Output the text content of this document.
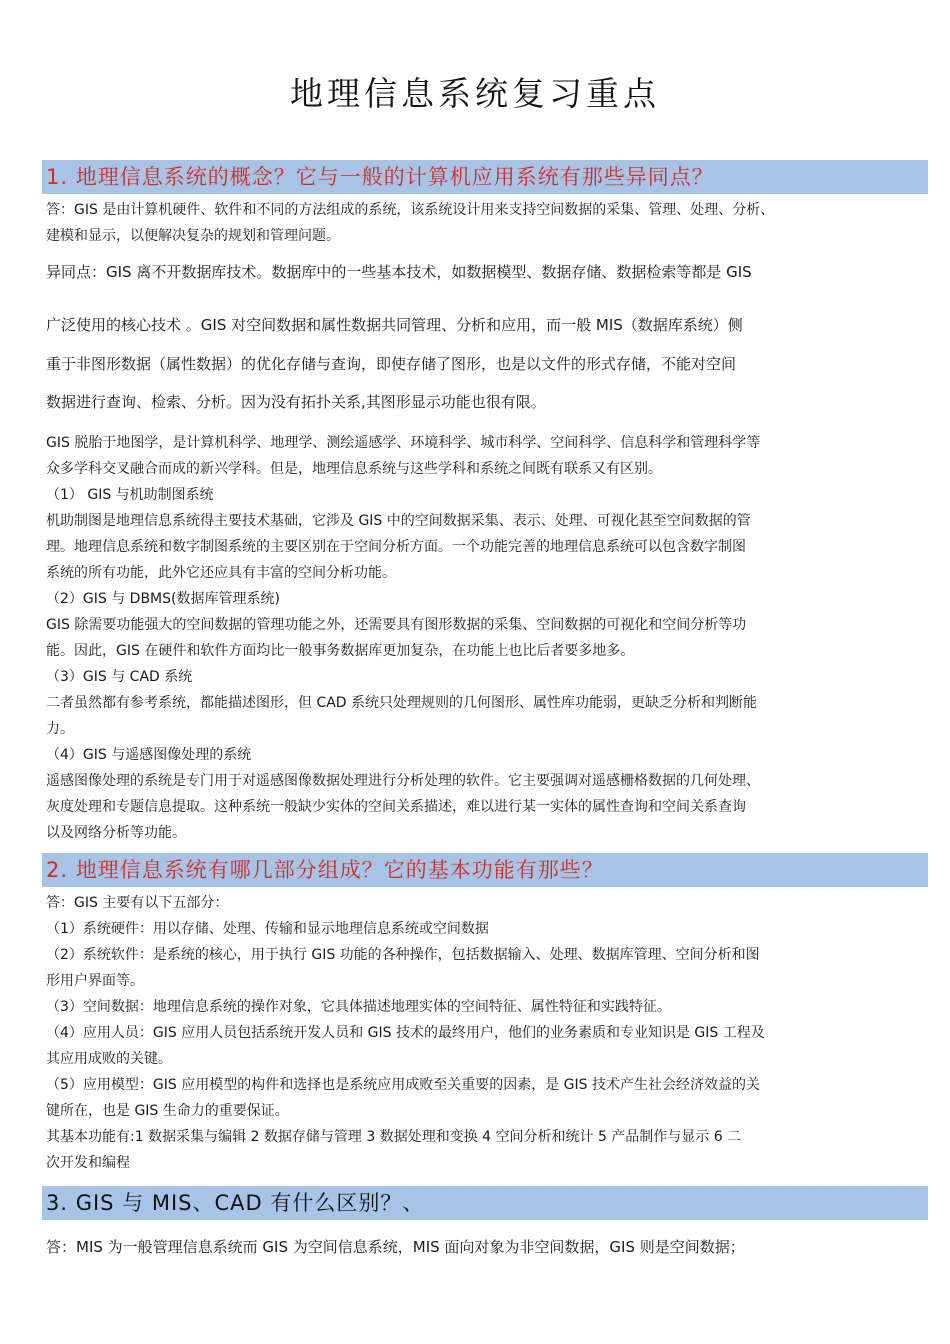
地理信息系统复习重点
1. 地理信息系统的概念？它与一般的计算机应用系统有那些异同点？
答：GIS 是由计算机硬件、软件和不同的方法组成的系统，该系统设计用来支持空间数据的采集、管理、处理、分析、
建模和显示，以便解决复杂的规划和管理问题。
异同点：GIS 离不开数据库技术。数据库中的一些基本技术，如数据模型、数据存储、数据检索等都是 GIS
广泛使用的核心技术 。GIS 对空间数据和属性数据共同管理、分析和应用，而一般 MIS（数据库系统）侧
重于非图形数据（属性数据）的优化存储与查询，即使存储了图形，也是以文件的形式存储，不能对空间
数据进行查询、检索、分析。因为没有拓扑关系,其图形显示功能也很有限。
GIS 脱胎于地图学，是计算机科学、地理学、测绘遥感学、环境科学、城市科学、空间科学、信息科学和管理科学等
众多学科交叉融合而成的新兴学科。但是，地理信息系统与这些学科和系统之间既有联系又有区别。
（1） GIS 与机助制图系统
机助制图是地理信息系统得主要技术基础，它涉及 GIS 中的空间数据采集、表示、处理、可视化甚至空间数据的管
理。地理信息系统和数字制图系统的主要区别在于空间分析方面。一个功能完善的地理信息系统可以包含数字制图
系统的所有功能，此外它还应具有丰富的空间分析功能。
（2）GIS 与 DBMS(数据库管理系统)
GIS 除需要功能强大的空间数据的管理功能之外，还需要具有图形数据的采集、空间数据的可视化和空间分析等功
能。因此，GIS 在硬件和软件方面均比一般事务数据库更加复杂，在功能上也比后者要多地多。
（3）GIS 与 CAD 系统
二者虽然都有参考系统，都能描述图形，但 CAD 系统只处理规则的几何图形、属性库功能弱，更缺乏分析和判断能
力。
（4）GIS 与遥感图像处理的系统
遥感图像处理的系统是专门用于对遥感图像数据处理进行分析处理的软件。它主要强调对遥感栅格数据的几何处理、
灰度处理和专题信息提取。这种系统一般缺少实体的空间关系描述，难以进行某一实体的属性查询和空间关系查询
以及网络分析等功能。
2. 地理信息系统有哪几部分组成？它的基本功能有那些？
答：GIS 主要有以下五部分：
（1）系统硬件：用以存储、处理、传输和显示地理信息系统或空间数据
（2）系统软件：是系统的核心，用于执行 GIS 功能的各种操作，包括数据输入、处理、数据库管理、空间分析和图
形用户界面等。
（3）空间数据：地理信息系统的操作对象，它具体描述地理实体的空间特征、属性特征和实践特征。
（4）应用人员：GIS 应用人员包括系统开发人员和 GIS 技术的最终用户，他们的业务素质和专业知识是 GIS 工程及
其应用成败的关键。
（5）应用模型：GIS 应用模型的构件和选择也是系统应用成败至关重要的因素，是 GIS 技术产生社会经济效益的关
键所在，也是 GIS 生命力的重要保证。
其基本功能有:1 数据采集与编辑 2 数据存储与管理 3 数据处理和变换 4 空间分析和统计 5 产品制作与显示 6 二
次开发和编程
3. GIS 与 MIS、CAD 有什么区别？、
答：MIS 为一般管理信息系统而 GIS 为空间信息系统，MIS 面向对象为非空间数据，GIS 则是空间数据；
